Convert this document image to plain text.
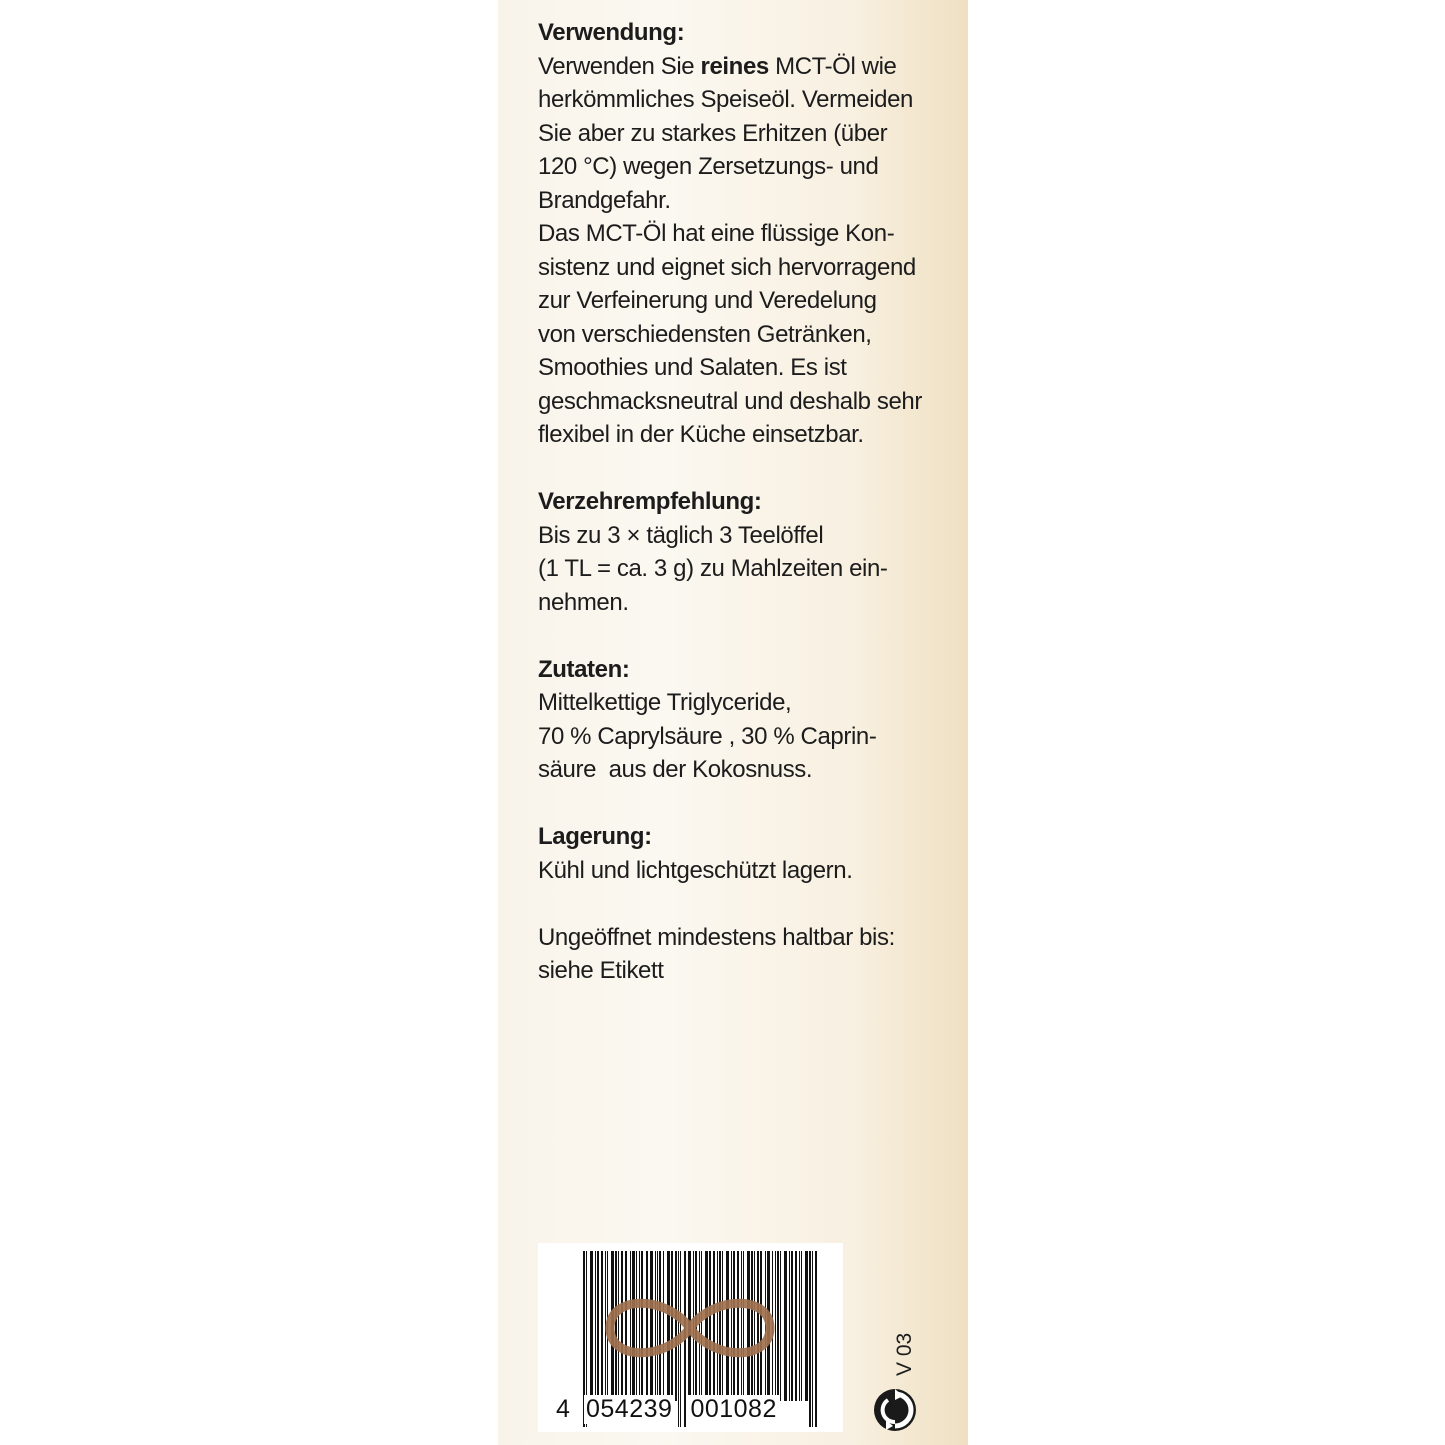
Verwendung:
Verwenden Sie reines MCT-Öl wie
herkömmliches Speiseöl. Vermeiden
Sie aber zu starkes Erhitzen (über
120 °C) wegen Zersetzungs- und
Brandgefahr.
Das MCT-Öl hat eine flüssige Kon-
sistenz und eignet sich hervorragend
zur Verfeinerung und Veredelung
von verschiedensten Getränken,
Smoothies und Salaten. Es ist
geschmacksneutral und deshalb sehr
flexibel in der Küche einsetzbar.
Verzehrempfehlung:
Bis zu 3 × täglich 3 Teelöffel
(1 TL = ca. 3 g) zu Mahlzeiten ein-
nehmen.
Zutaten:
Mittelkettige Triglyceride,
70 % Caprylsäure , 30 % Caprin-
säure  aus der Kokosnuss.
Lagerung:
Kühl und lichtgeschützt lagern.
Ungeöffnet mindestens haltbar bis:
siehe Etikett
4 054239 001082
V 03
